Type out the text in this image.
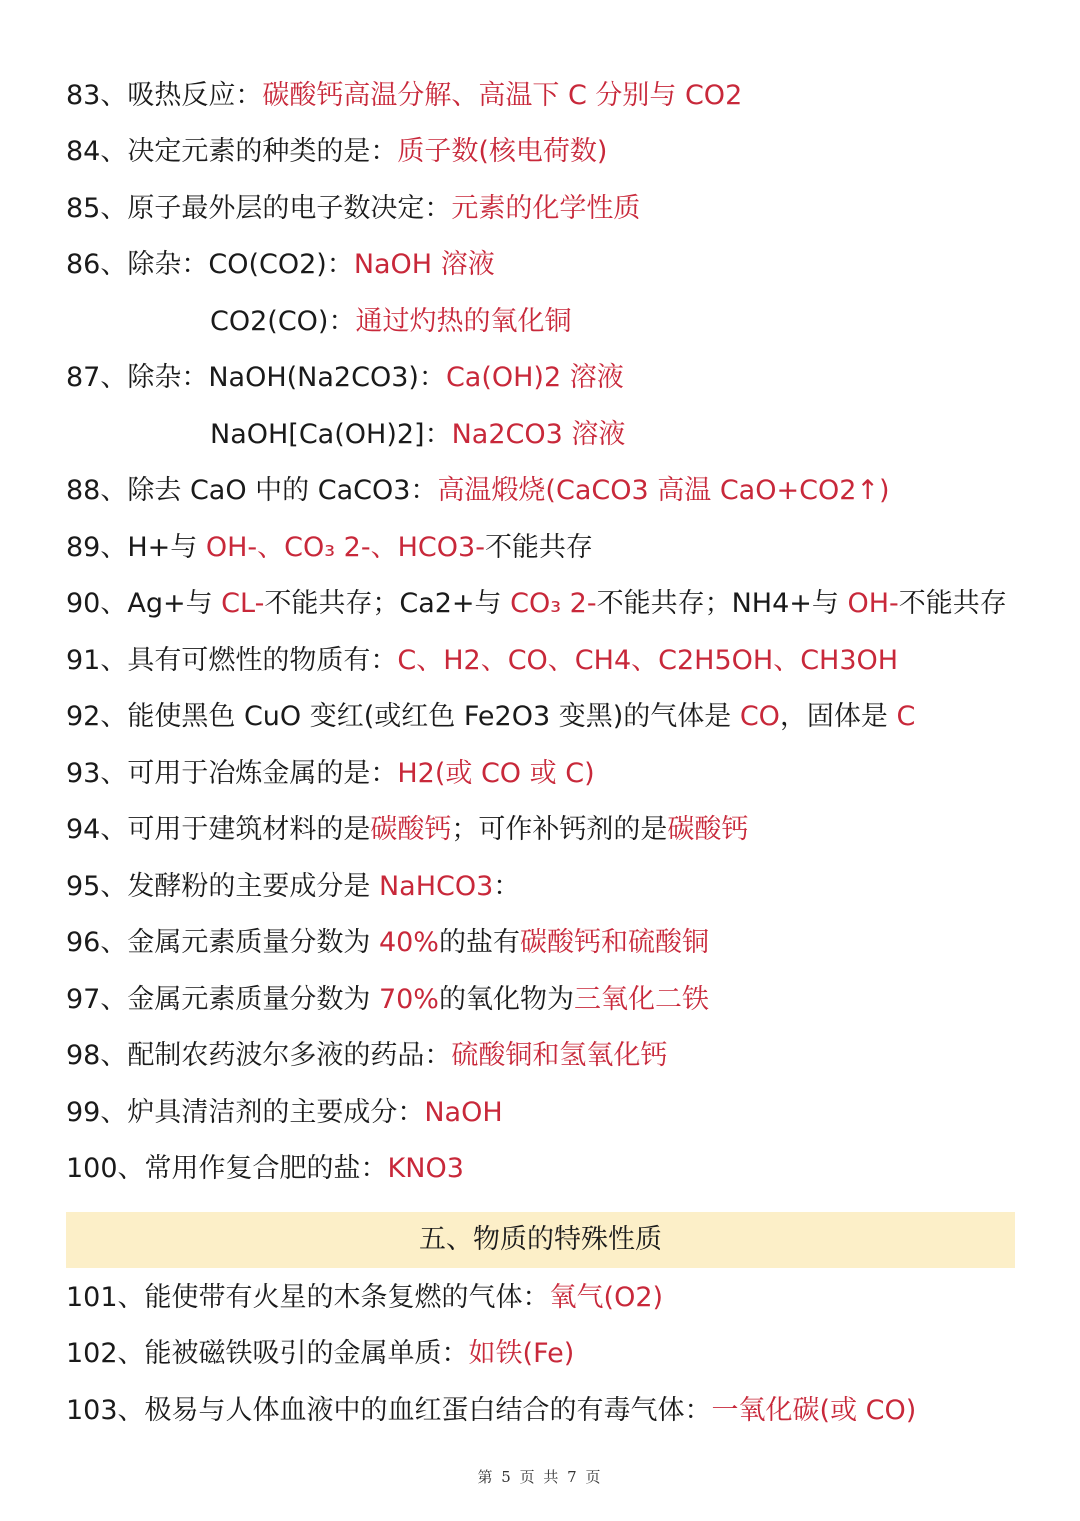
83、吸热反应：碳酸钙高温分解、高温下 C 分别与 CO2
84、决定元素的种类的是：质子数(核电荷数)
85、原子最外层的电子数决定：元素的化学性质
86、除杂：CO(CO2)：NaOH 溶液
CO2(CO)：通过灼热的氧化铜
87、除杂：NaOH(Na2CO3)：Ca(OH)2 溶液
NaOH[Ca(OH)2]：Na2CO3 溶液
88、除去 CaO 中的 CaCO3：高温煅烧(CaCO3 高温 CaO+CO2↑)
89、H+与 OH-、CO₃ 2-、HCO3-不能共存
90、Ag+与 CL-不能共存；Ca2+与 CO₃ 2-不能共存；NH4+与 OH-不能共存
91、具有可燃性的物质有：C、H2、CO、CH4、C2H5OH、CH3OH
92、能使黑色 CuO 变红(或红色 Fe2O3 变黑)的气体是 CO，固体是 C
93、可用于冶炼金属的是：H2(或 CO 或 C)
94、可用于建筑材料的是碳酸钙；可作补钙剂的是碳酸钙
95、发酵粉的主要成分是 NaHCO3：
96、金属元素质量分数为 40%的盐有碳酸钙和硫酸铜
97、金属元素质量分数为 70%的氧化物为三氧化二铁
98、配制农药波尔多液的药品：硫酸铜和氢氧化钙
99、炉具清洁剂的主要成分：NaOH
100、常用作复合肥的盐：KNO3
五、物质的特殊性质
101、能使带有火星的木条复燃的气体：氧气(O2)
102、能被磁铁吸引的金属单质：如铁(Fe)
103、极易与人体血液中的血红蛋白结合的有毒气体：一氧化碳(或 CO)
第 5 页 共 7 页
